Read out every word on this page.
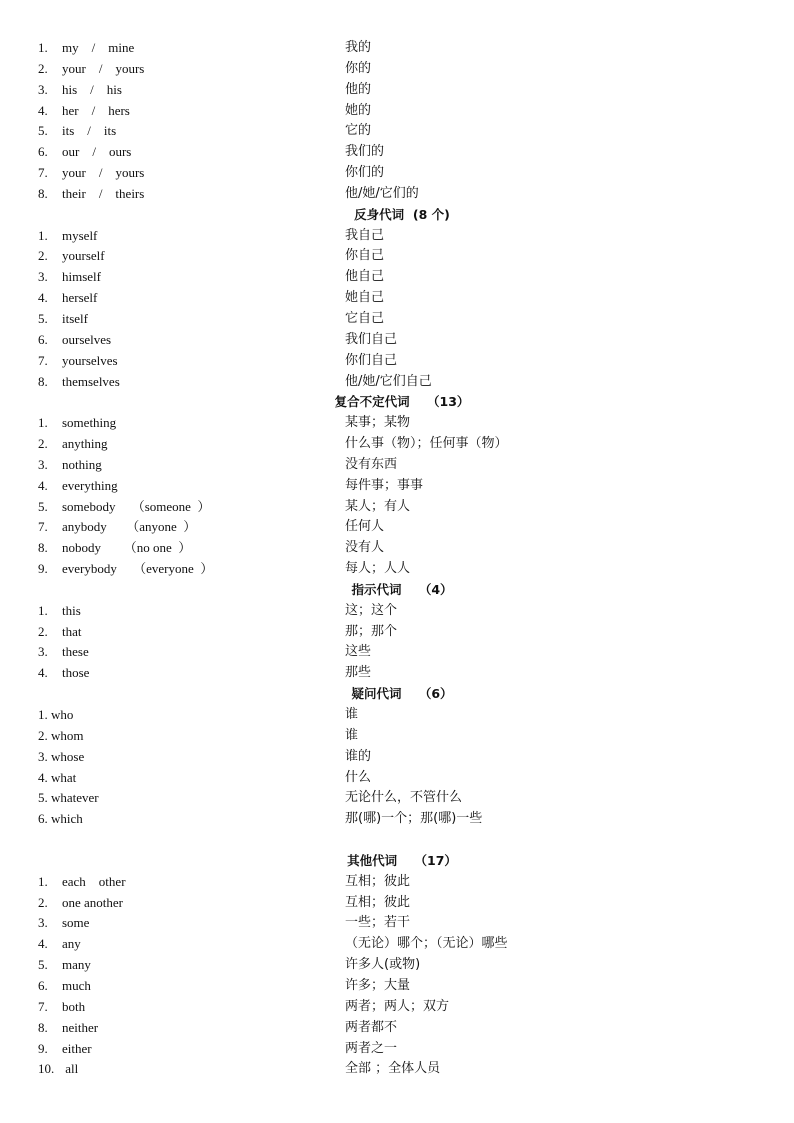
1. my    /    mine	我的
2. your    /    yours	你的
3. his    /    his	他的
4. her    /    hers	她的
5. its    /    its	它的
6. our    /    ours	我们的
7. your    /    yours	你们的
8. their    /    theirs	他/她/它们的
反身代词  (8 个)
1. myself	我自己
2. yourself	你自己
3. himself	他自己
4. herself	她自己
5. itself	它自己
6. ourselves	我们自己
7. yourselves	你们自己
8. themselves	他/她/它们自己
复合不定代词    （13）
1. something	某事；某物
2. anything	什么事（物）；任何事（物）
3. nothing	没有东西
4. everything	每件事；事事
5. somebody     （someone  ）	某人；有人
7. anybody      （anyone  ）	任何人
8. nobody       （no one  ）	没有人
9. everybody     （everyone  ）	每人；人人
指示代词    （4）
1. this	这；这个
2. that	那；那个
3. these	这些
4. those	那些
疑问代词    （6）
1. who	谁
2. whom	谁
3. whose	谁的
4. what	什么
5. whatever	无论什么，不管什么
6. which	那(哪)一个；那(哪)一些
其他代词    （17）
1. each    other	互相；彼此
2. one another	互相；彼此
3. some	一些；若干
4. any	（无论）哪个；（无论）哪些
5. many	许多人(或物)
6. much	许多；大量
7. both	两者；两人；双方
8. neither	两者都不
9. either	两者之一
10. all	全部 ；全体人员
